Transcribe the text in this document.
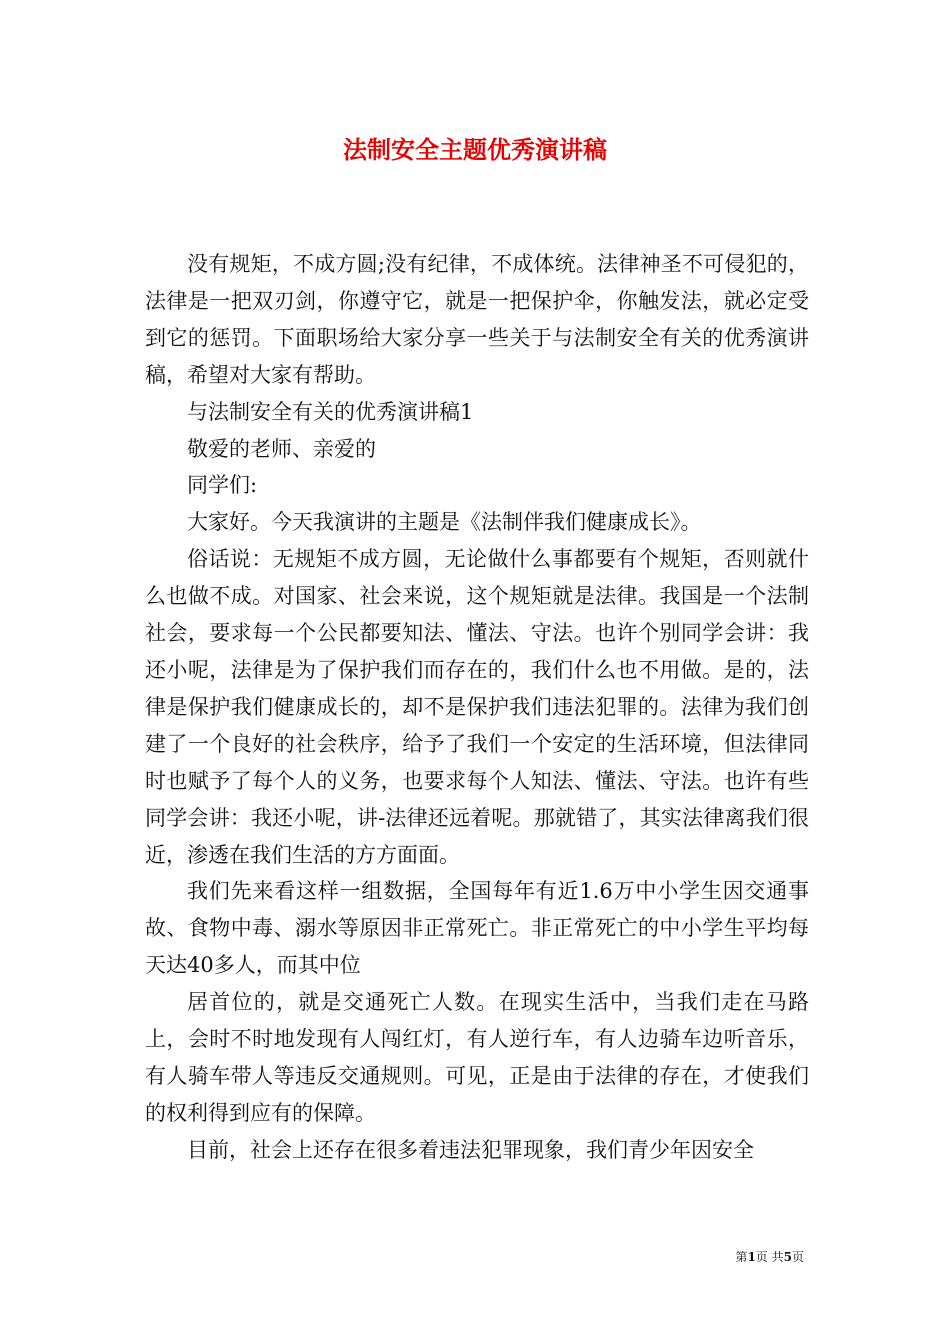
法制安全主题优秀演讲稿

没有规矩，不成方圆;没有纪律，不成体统。法律神圣不可侵犯的，法律是一把双刃剑，你遵守它，就是一把保护伞，你触发法，就必定受到它的惩罚。下面职场给大家分享一些关于与法制安全有关的优秀演讲稿，希望对大家有帮助。

与法制安全有关的优秀演讲稿1

敬爱的老师、亲爱的

同学们:

大家好。今天我演讲的主题是《法制伴我们健康成长》。

俗话说：无规矩不成方圆，无论做什么事都要有个规矩，否则就什么也做不成。对国家、社会来说，这个规矩就是法律。我国是一个法制社会，要求每一个公民都要知法、懂法、守法。也许个别同学会讲：我还小呢，法律是为了保护我们而存在的，我们什么也不用做。是的，法律是保护我们健康成长的，却不是保护我们违法犯罪的。法律为我们创建了一个良好的社会秩序，给予了我们一个安定的生活环境，但法律同时也赋予了每个人的义务，也要求每个人知法、懂法、守法。也许有些同学会讲：我还小呢，讲-法律还远着呢。那就错了，其实法律离我们很近，渗透在我们生活的方方面面。

我们先来看这样一组数据，全国每年有近1.6万中小学生因交通事故、食物中毒、溺水等原因非正常死亡。非正常死亡的中小学生平均每天达40多人，而其中位

居首位的，就是交通死亡人数。在现实生活中，当我们走在马路上，会时不时地发现有人闯红灯，有人逆行车，有人边骑车边听音乐，有人骑车带人等违反交通规则。可见，正是由于法律的存在，才使我们的权利得到应有的保障。

目前，社会上还存在很多着违法犯罪现象，我们青少年因安全

第1页 共5页
